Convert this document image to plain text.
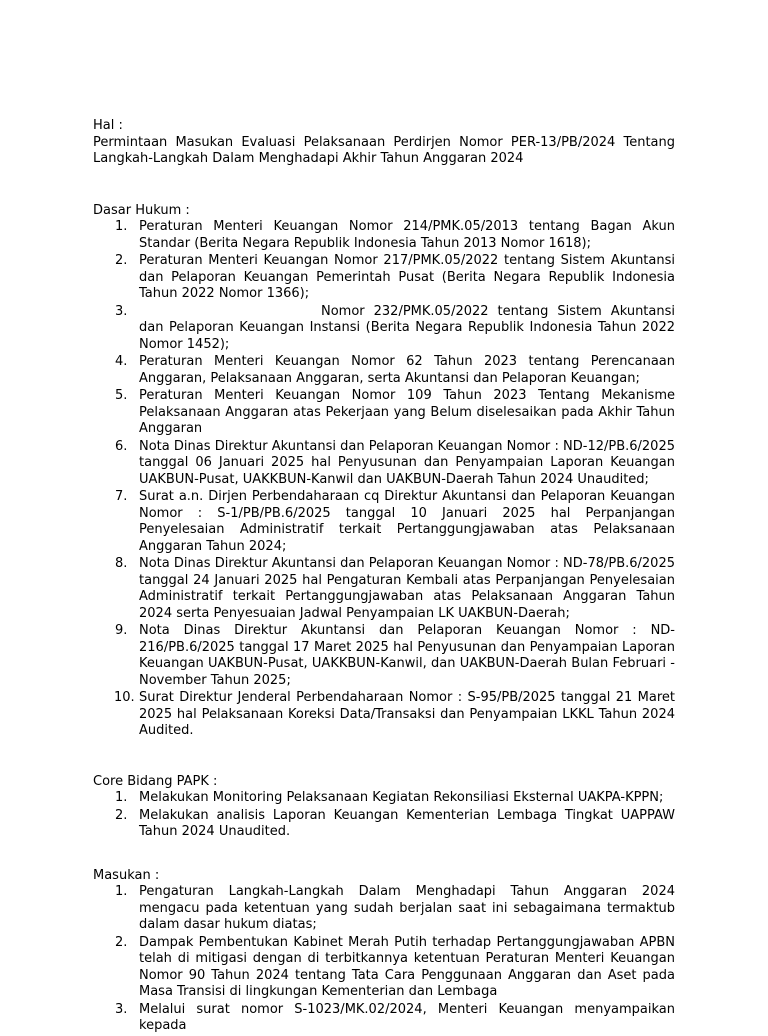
Hal :

Permintaan Masukan Evaluasi Pelaksanaan Perdirjen Nomor PER-13/PB/2024 Tentang Langkah-Langkah Dalam Menghadapi Akhir Tahun Anggaran 2024

Dasar Hukum :

1. Peraturan Menteri Keuangan Nomor 214/PMK.05/2013 tentang Bagan Akun Standar (Berita Negara Republik Indonesia Tahun 2013 Nomor 1618);
2. Peraturan Menteri Keuangan Nomor 217/PMK.05/2022 tentang Sistem Akuntansi dan Pelaporan Keuangan Pemerintah Pusat (Berita Negara Republik Indonesia Tahun 2022 Nomor 1366);
3.	Nomor 232/PMK.05/2022 tentang Sistem Akuntansi dan Pelaporan Keuangan Instansi (Berita Negara Republik Indonesia Tahun 2022 Nomor 1452);
4. Peraturan Menteri Keuangan Nomor 62 Tahun 2023 tentang Perencanaan Anggaran, Pelaksanaan Anggaran, serta Akuntansi dan Pelaporan Keuangan;
5. Peraturan Menteri Keuangan Nomor 109 Tahun 2023 Tentang Mekanisme Pelaksanaan Anggaran atas Pekerjaan yang Belum diselesaikan pada Akhir Tahun Anggaran
6. Nota Dinas Direktur Akuntansi dan Pelaporan Keuangan Nomor : ND-12/PB.6/2025 tanggal 06 Januari 2025 hal Penyusunan dan Penyampaian Laporan Keuangan UAKBUN-Pusat, UAKKBUN-Kanwil dan UAKBUN-Daerah Tahun 2024 Unaudited;
7. Surat a.n. Dirjen Perbendaharaan cq Direktur Akuntansi dan Pelaporan Keuangan Nomor : S-1/PB/PB.6/2025 tanggal 10 Januari 2025 hal Perpanjangan Penyelesaian Administratif terkait Pertanggungjawaban atas Pelaksanaan Anggaran Tahun 2024;
8. Nota Dinas Direktur Akuntansi dan Pelaporan Keuangan Nomor : ND-78/PB.6/2025 tanggal 24 Januari 2025 hal Pengaturan Kembali atas Perpanjangan Penyelesaian Administratif terkait Pertanggungjawaban atas Pelaksanaan Anggaran Tahun 2024 serta Penyesuaian Jadwal Penyampaian LK UAKBUN-Daerah;
9. Nota Dinas Direktur Akuntansi dan Pelaporan Keuangan Nomor : ND-216/PB.6/2025 tanggal 17 Maret 2025 hal Penyusunan dan Penyampaian Laporan Keuangan UAKBUN-Pusat, UAKKBUN-Kanwil, dan UAKBUN-Daerah Bulan Februari - November Tahun 2025;
10. Surat Direktur Jenderal Perbendaharaan Nomor : S-95/PB/2025 tanggal 21 Maret 2025 hal Pelaksanaan Koreksi Data/Transaksi dan Penyampaian LKKL Tahun 2024 Audited.

Core Bidang PAPK :

1. Melakukan Monitoring Pelaksanaan Kegiatan Rekonsiliasi Eksternal UAKPA-KPPN;
2. Melakukan analisis Laporan Keuangan Kementerian Lembaga Tingkat UAPPAW Tahun 2024 Unaudited.

Masukan :

1. Pengaturan Langkah-Langkah Dalam Menghadapi Tahun Anggaran 2024 mengacu pada ketentuan yang sudah berjalan saat ini sebagaimana termaktub dalam dasar hukum diatas;
2. Dampak Pembentukan Kabinet Merah Putih terhadap Pertanggungjawaban APBN telah di mitigasi dengan di terbitkannya ketentuan Peraturan Menteri Keuangan Nomor 90 Tahun 2024 tentang Tata Cara Penggunaan Anggaran dan Aset pada Masa Transisi di lingkungan Kementerian dan Lembaga
3. Melalui surat nomor S-1023/MK.02/2024, Menteri Keuangan menyampaikan kepada
